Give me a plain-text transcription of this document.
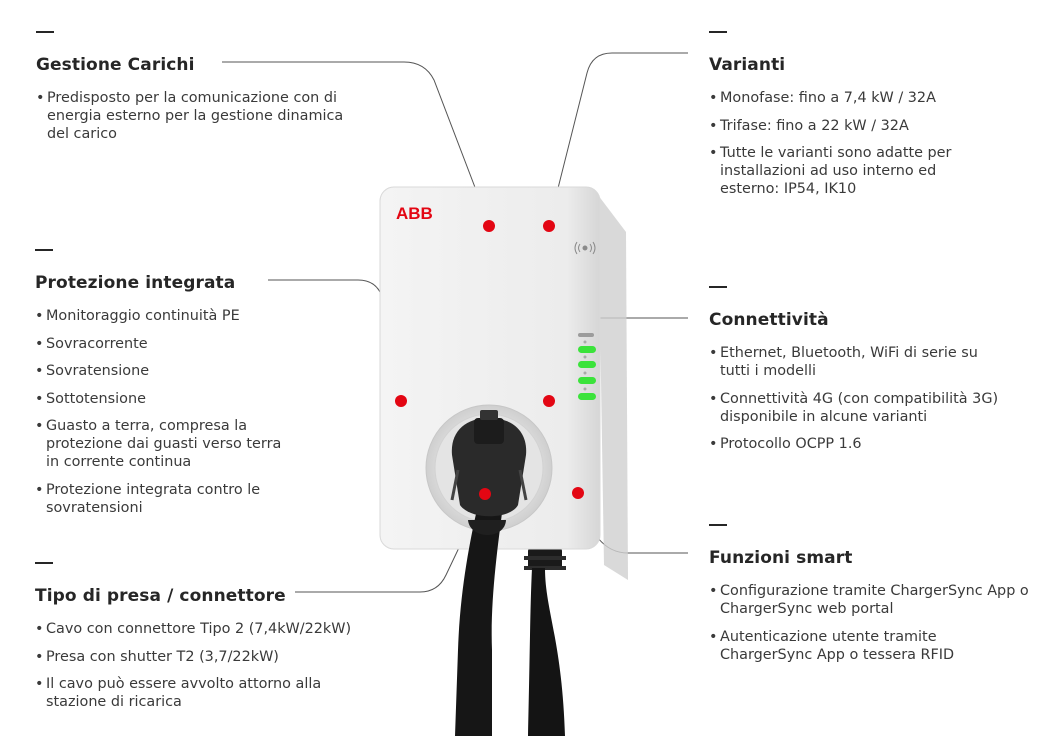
ABB
Gestione Carichi
• Predisposto per la comunicazione con di energia esterno per la gestione dinamica del carico
Protezione integrata
• Monitoraggio continuità PE
• Sovracorrente
• Sovratensione
• Sottotensione
• Guasto a terra, compresa la protezione dai guasti verso terra in corrente continua
• Protezione integrata contro le sovratensioni
Tipo di presa / connettore
• Cavo con connettore Tipo 2 (7,4kW/22kW)
• Presa con shutter T2 (3,7/22kW)
• Il cavo può essere avvolto attorno alla stazione di ricarica
Varianti
• Monofase: fino a 7,4 kW / 32A
• Trifase: fino a 22 kW / 32A
• Tutte le varianti sono adatte per installazioni ad uso interno ed esterno: IP54, IK10
Connettività
• Ethernet, Bluetooth, WiFi di serie su tutti i modelli
• Connettività 4G (con compatibilità 3G) disponibile in alcune varianti
• Protocollo OCPP 1.6
Funzioni smart
• Configurazione tramite ChargerSync App o ChargerSync web portal
• Autenticazione utente tramite ChargerSync App o tessera RFID
